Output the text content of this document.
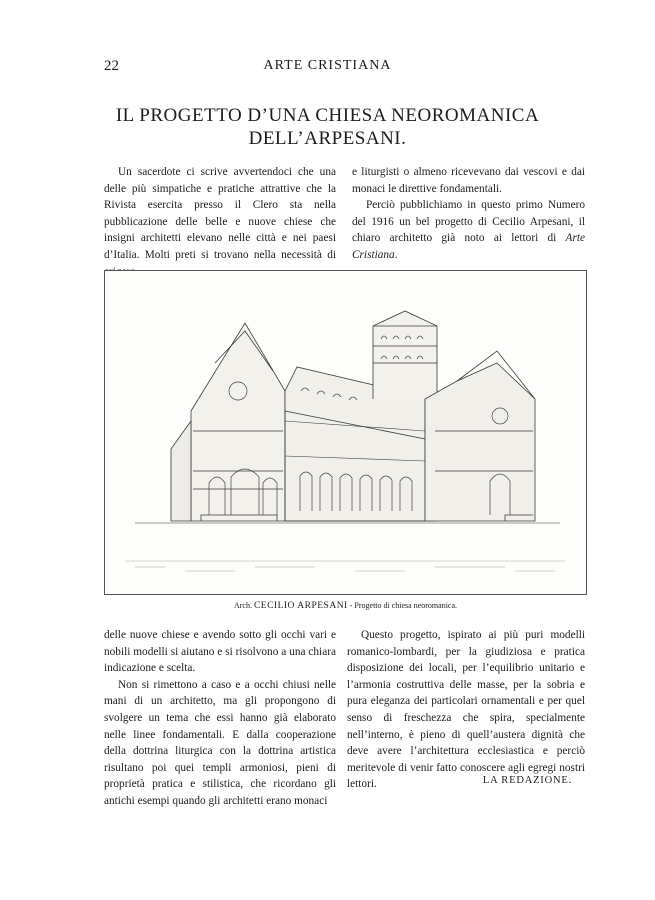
22	ARTE CRISTIANA
IL PROGETTO D’UNA CHIESA NEOROMANICA
DELL’ARPESANI.

Un sacerdote ci scrive avvertendoci che una delle più simpatiche e pratiche attrattive che la Rivista esercita presso il Clero sta nella pubblicazione delle belle e nuove chiese che insigni architetti elevano nelle città e nei paesi d’Italia. Molti preti si trovano nella necessità di

e liturgisti o almeno ricevevano dai vescovi e dai monaci le direttive fondamentali.

Perciò pubblichiamo in questo primo Numero del 1916 un bel progetto di Cecilio Arpesani, il chiaro architetto già noto ai lettori di Arte Cristiana.

Arch. CECILIO ARPESANI - Progetto di chiesa neoromanica.

delle nuove chiese e avendo sotto gli occhi vari e nobili modelli si aiutano e si risolvono a una chiara indicazione e scelta.

Non si rimettono a caso e a occhi chiusi nelle mani di un architetto, ma gli propongono di svolgere un tema che essi hanno già elaborato nelle linee fondamentali. E dalla cooperazione della dottrina liturgica con la dottrina artistica risultano poi quei templi armoniosi, pieni di proprietà pratica e stilistica, che ricordano gli antichi esempi quando gli architetti erano monaci

Questo progetto, ispirato ai più puri modelli romanico-lombardi, per la giudiziosa e pratica disposizione dei locali, per l’equilibrio unitario e l’armonia costruttiva delle masse, per la sobria e pura eleganza dei particolari ornamentali e per quel senso di freschezza che spira, specialmente nell’interno, è pieno di quell’austera dignità che deve avere l’architettura ecclesiastica e perciò meritevole di venir fatto conoscere agli egregi nostri lettori.	LA REDAZIONE.
